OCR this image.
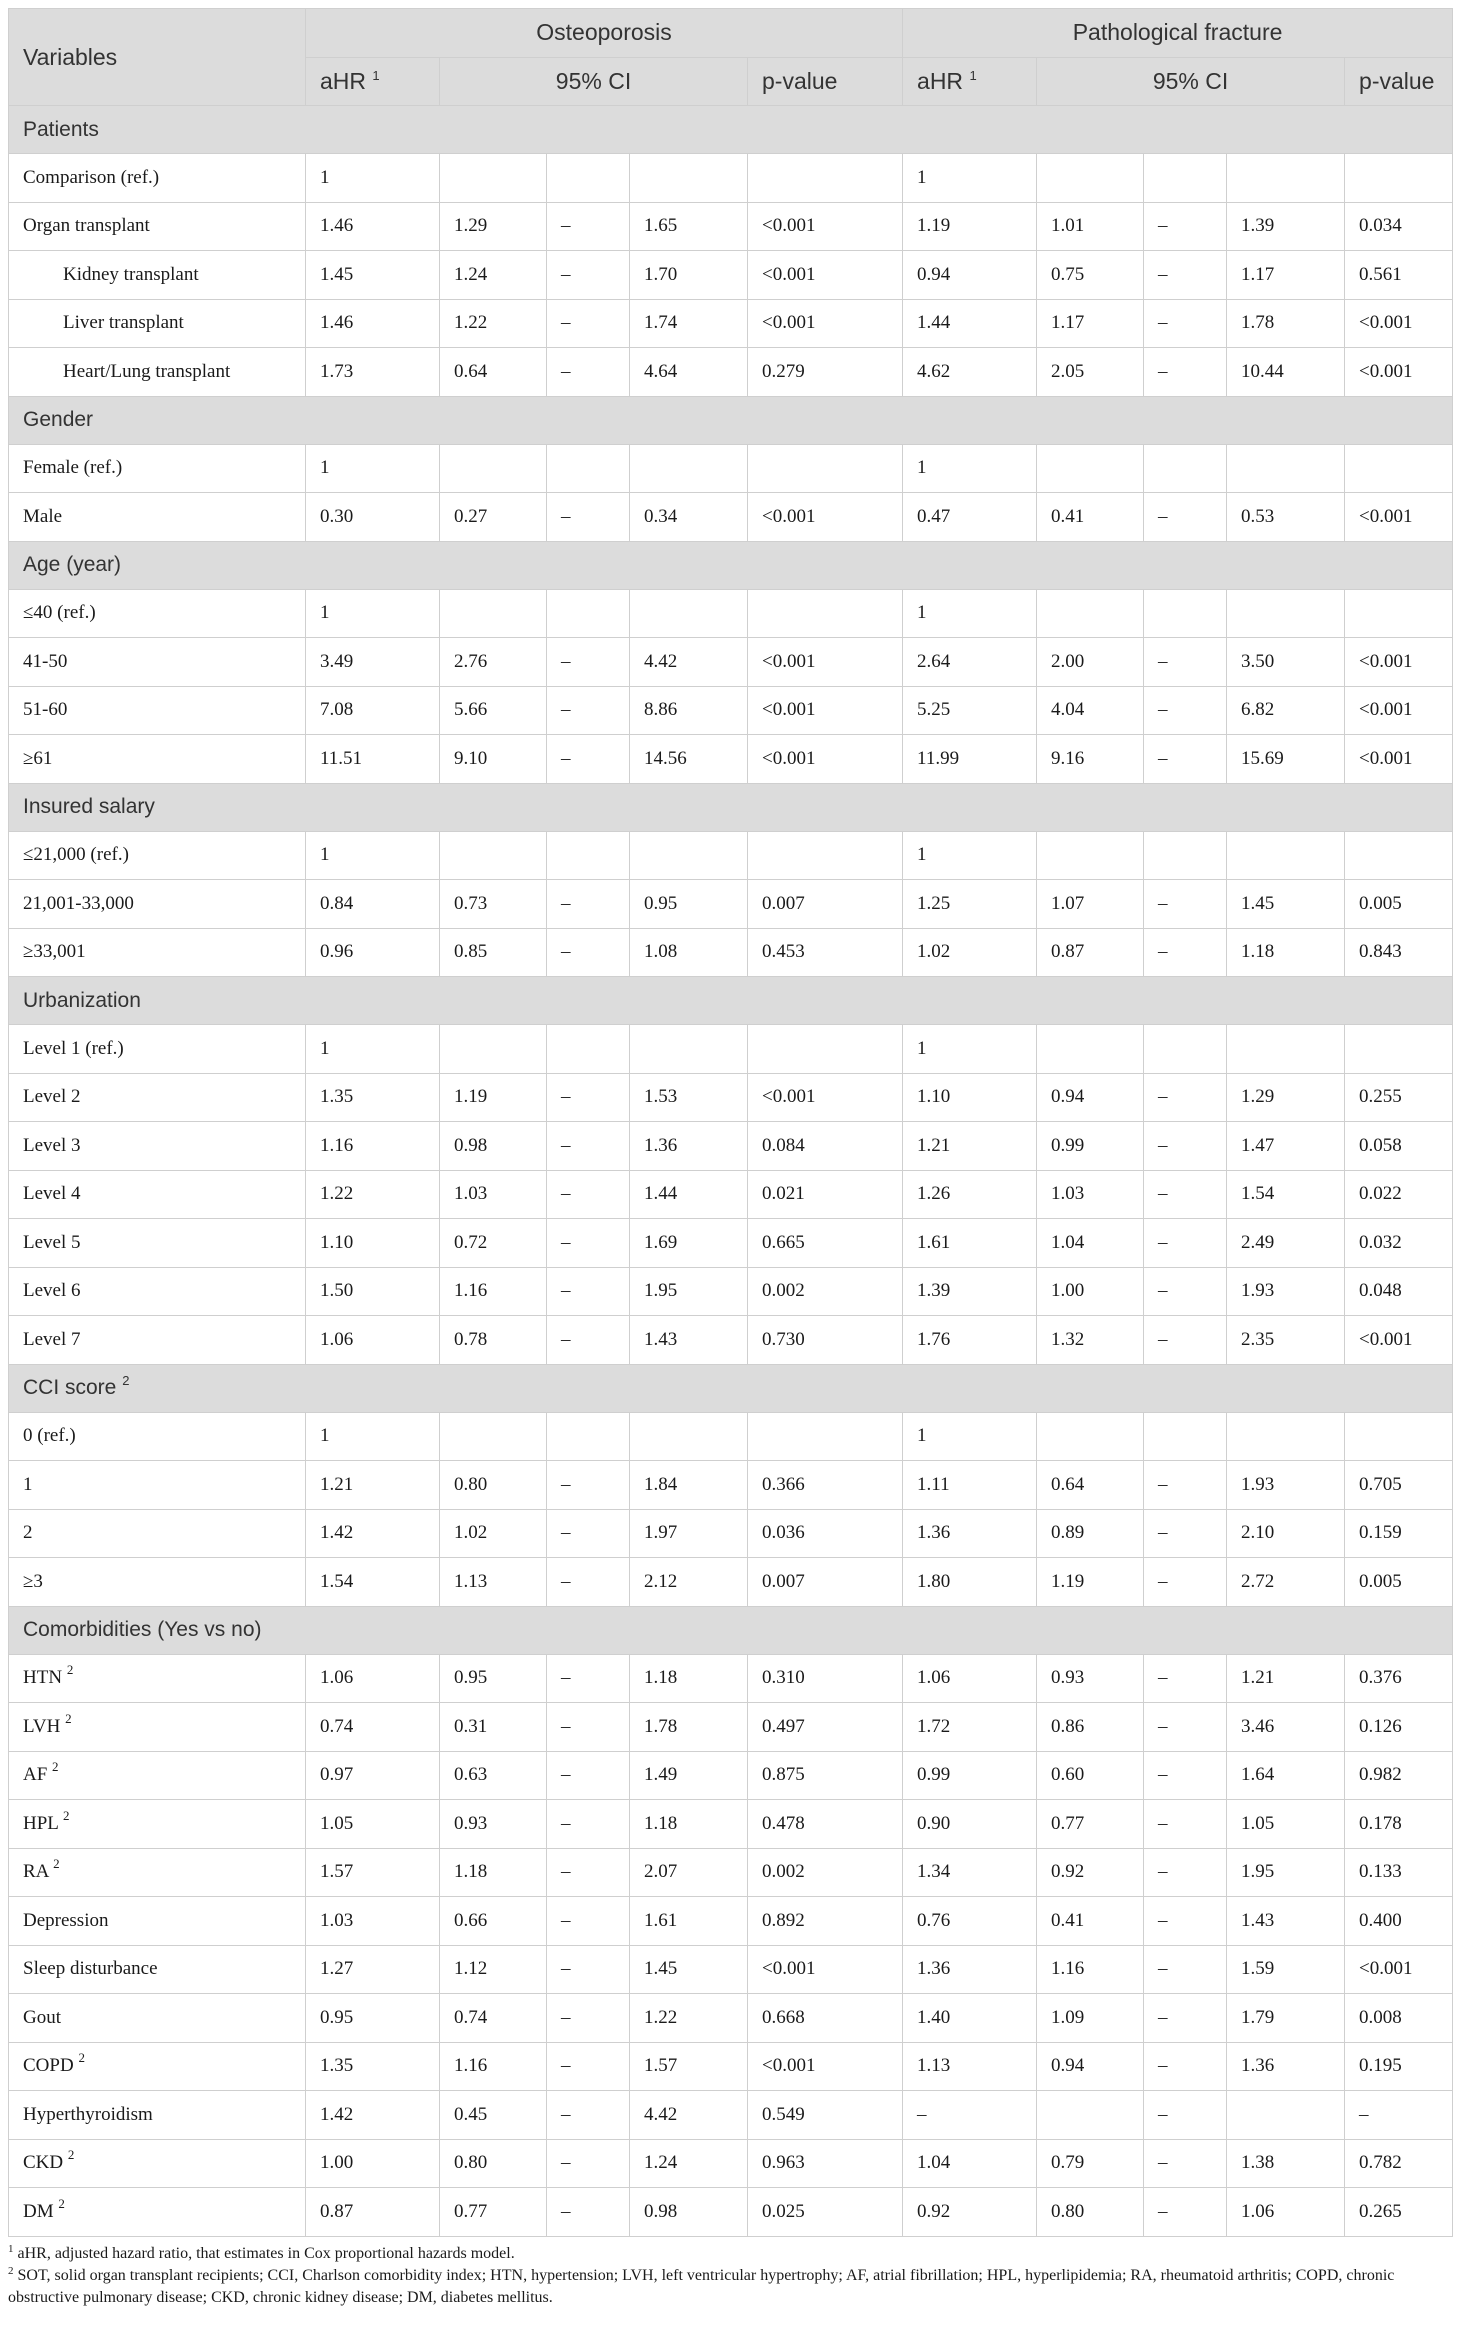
Variables	Osteoporosis					Pathological fracture				
	aHR $^1$	95% CI			p-value	aHR $^1$	95% CI			p-value
Patients										
Comparison (ref.)	1					1				
Organ transplant	1.46	1.29	–	1.65	<0.001	1.19	1.01	–	1.39	0.034
Kidney transplant	1.45	1.24	–	1.70	<0.001	0.94	0.75	–	1.17	0.561
Liver transplant	1.46	1.22	–	1.74	<0.001	1.44	1.17	–	1.78	<0.001
Heart/Lung transplant	1.73	0.64	–	4.64	0.279	4.62	2.05	–	10.44	<0.001
Gender										
Female (ref.)	1					1				
Male	0.30	0.27	–	0.34	<0.001	0.47	0.41	–	0.53	<0.001
Age (year)										
≤40 (ref.)	1					1				
41-50	3.49	2.76	–	4.42	<0.001	2.64	2.00	–	3.50	<0.001
51-60	7.08	5.66	–	8.86	<0.001	5.25	4.04	–	6.82	<0.001
≥61	11.51	9.10	–	14.56	<0.001	11.99	9.16	–	15.69	<0.001
Insured salary										
≤21,000 (ref.)	1					1				
21,001-33,000	0.84	0.73	–	0.95	0.007	1.25	1.07	–	1.45	0.005
≥33,001	0.96	0.85	–	1.08	0.453	1.02	0.87	–	1.18	0.843
Urbanization										
Level 1 (ref.)	1					1				
Level 2	1.35	1.19	–	1.53	<0.001	1.10	0.94	–	1.29	0.255
Level 3	1.16	0.98	–	1.36	0.084	1.21	0.99	–	1.47	0.058
Level 4	1.22	1.03	–	1.44	0.021	1.26	1.03	–	1.54	0.022
Level 5	1.10	0.72	–	1.69	0.665	1.61	1.04	–	2.49	0.032
Level 6	1.50	1.16	–	1.95	0.002	1.39	1.00	–	1.93	0.048
Level 7	1.06	0.78	–	1.43	0.730	1.76	1.32	–	2.35	<0.001
CCI score $^2$
0 (ref.)	1					1				
1	1.21	0.80	–	1.84	0.366	1.11	0.64	–	1.93	0.705
2	1.42	1.02	–	1.97	0.036	1.36	0.89	–	2.10	0.159
≥3	1.54	1.13	–	2.12	0.007	1.80	1.19	–	2.72	0.005
Comorbidities (Yes vs no)										
HTN $^2$	1.06	0.95	–	1.18	0.310	1.06	0.93	–	1.21	0.376
LVH $^2$	0.74	0.31	–	1.78	0.497	1.72	0.86	–	3.46	0.126
AF $^2$	0.97	0.63	–	1.49	0.875	0.99	0.60	–	1.64	0.982
HPL $^2$	1.05	0.93	–	1.18	0.478	0.90	0.77	–	1.05	0.178
RA $^2$	1.57	1.18	–	2.07	0.002	1.34	0.92	–	1.95	0.133
Depression	1.03	0.66	–	1.61	0.892	0.76	0.41	–	1.43	0.400
Sleep disturbance	1.27	1.12	–	1.45	<0.001	1.36	1.16	–	1.59	<0.001
Gout	0.95	0.74	–	1.22	0.668	1.40	1.09	–	1.79	0.008
COPD $^2$	1.35	1.16	–	1.57	<0.001	1.13	0.94	–	1.36	0.195
Hyperthyroidism	1.42	0.45	–	4.42	0.549	–		–		–
CKD $^2$	1.00	0.80	–	1.24	0.963	1.04	0.79	–	1.38	0.782
DM $^2$	0.87	0.77	–	0.98	0.025	0.92	0.80	–	1.06	0.265

$^1$ aHR, adjusted hazard ratio, that estimates in Cox proportional hazards model.

$^2$ SOT, solid organ transplant recipients; CCI, Charlson comorbidity index; HTN, hypertension; LVH, left ventricular hypertrophy; AF, atrial fibrillation; HPL, hyperlipidemia; RA, rheumatoid arthritis; COPD, chronic obstructive pulmonary disease; CKD, chronic kidney disease; DM, diabetes mellitus.
